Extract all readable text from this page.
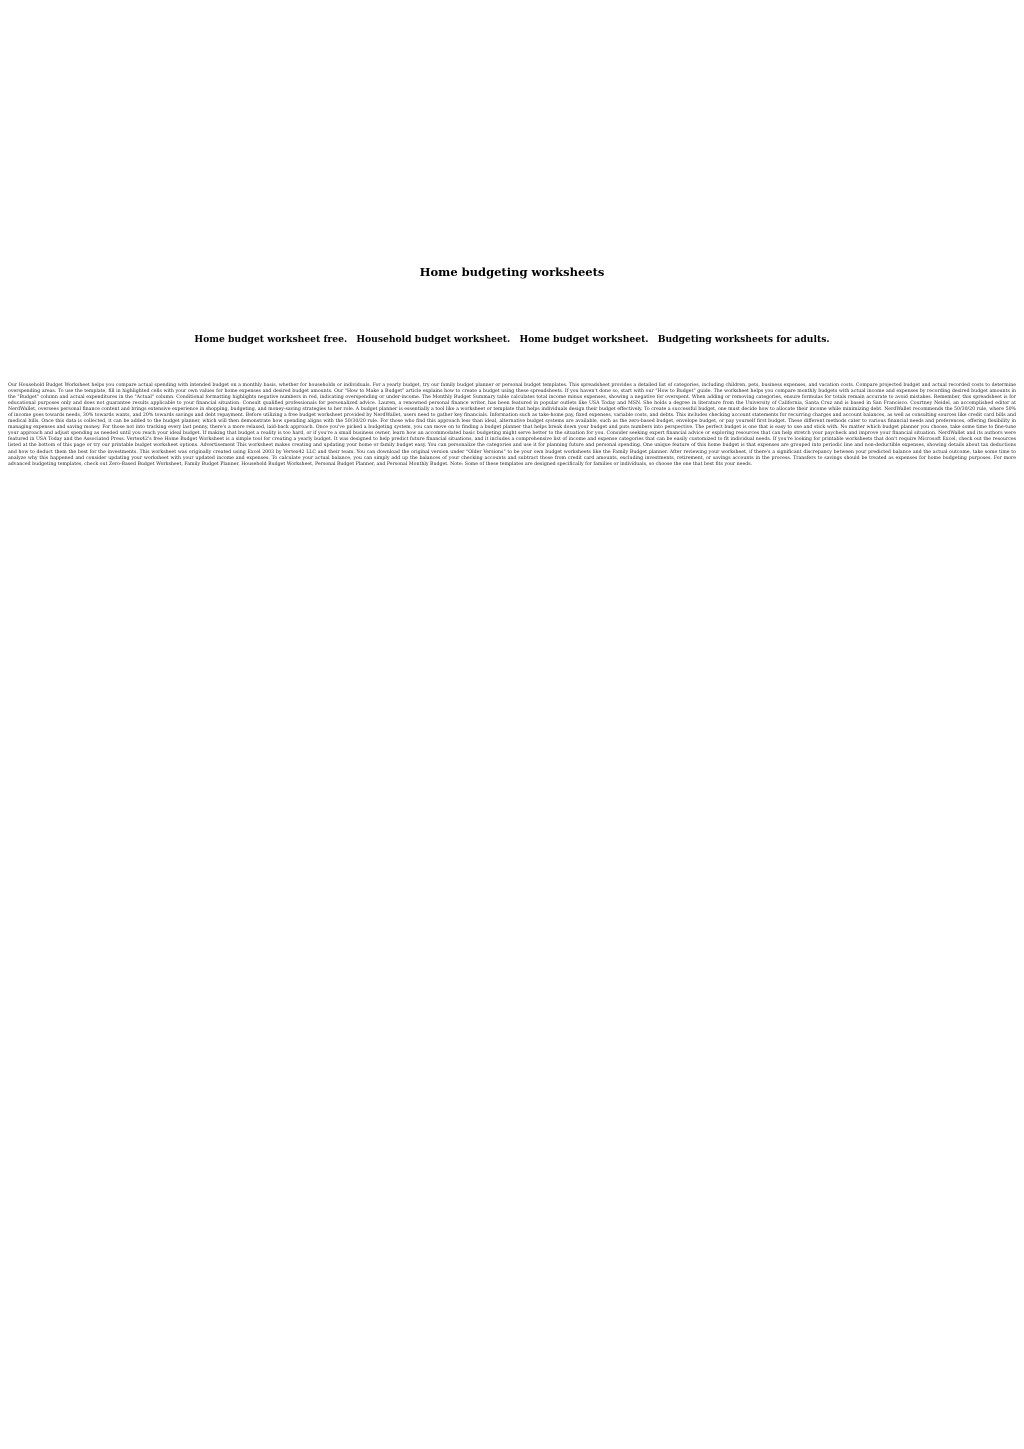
Home budgeting worksheets
Home budget worksheet free. Household budget worksheet. Home budget worksheet. Budgeting worksheets for adults.

Our Household Budget Worksheet helps you compare actual spending with intended budget on a monthly basis, whether for households or individuals. For a yearly budget, try our family budget planner or personal budget templates. This spreadsheet provides a detailed list of categories, including children, pets, business expenses, and vacation costs. Compare projected budget and actual recorded costs to determine overspending areas. To use the template, fill in highlighted cells with your own values for home expenses and desired budget amounts. Our "How to Make a Budget" article explains how to create a budget using these spreadsheets. If you haven't done so, start with our "How to Budget" guide. The worksheet helps you compare monthly budgets with actual income and expenses by recording desired budget amounts in the "Budget" column and actual expenditures in the "Actual" column. Conditional formatting highlights negative numbers in red, indicating overspending or under-income. The Monthly Budget Summary table calculates total income minus expenses, showing a negative for overspent. When adding or removing categories, ensure formulas for totals remain accurate to avoid mistakes. Remember, this spreadsheet is for educational purposes only and does not guarantee results applicable to your financial situation. Consult qualified professionals for personalized advice. Lauren, a renowned personal finance writer, has been featured in popular outlets like USA Today and MSN. She holds a degree in literature from the University of California, Santa Cruz and is based in San Francisco. Courtney Neidel, an accomplished editor at NerdWallet, oversees personal finance content and brings extensive experience in shopping, budgeting, and money-saving strategies to her role. A budget planner is essentially a tool like a worksheet or template that helps individuals design their budget effectively. To create a successful budget, one must decide how to allocate their income while minimizing debt. NerdWallet recommends the 50/30/20 rule, where 50% of income goes towards needs, 30% towards wants, and 20% towards savings and debt repayment. Before utilizing a free budget worksheet provided by NerdWallet, users need to gather key financials. Information such as take-home pay, fixed expenses, variable costs, and debts. This includes checking account statements for recurring charges and account balances, as well as consulting sources like credit card bills and medical bills. Once this data is collected, it can be added to the budget planner, which will then demonstrate how spending aligns with the 50/30/20 rule. For those who find this approach less than ideal, alternative budget systems are available, such as the zero-based budget, envelope budget, or pay yourself first budget. These different methods cater to various financial needs and preferences, offering flexibility in managing expenses and saving money. For those not into tracking every last penny, there's a more relaxed, laid-back approach. Once you've picked a budgeting system, you can move on to finding a budget planner that helps break down your budget and puts numbers into perspective. The perfect budget is one that is easy to use and stick with. No matter which budget planner you choose, take some time to fine-tune your approach and adjust spending as needed until you reach your ideal budget. If making that budget a reality is too hard, or if you're a small business owner, learn how an accommodated basic budgeting might serve better to the situation for you. Consider seeking expert financial advice or exploring resources that can help stretch your paycheck and improve your financial situation. NerdWallet and its authors were featured in USA Today and the Associated Press. Vertex42's free Home Budget Worksheet is a simple tool for creating a yearly budget. It was designed to help predict future financial situations, and it includes a comprehensive list of income and expense categories that can be easily customized to fit individual needs. If you're looking for printable worksheets that don't require Microsoft Excel, check out the resources listed at the bottom of this page or try our printable budget worksheet options. Advertisement This worksheet makes creating and updating your home or family budget easy. You can personalize the categories and use it for planning future and personal spending. One unique feature of this home budget is that expenses are grouped into periodic line and non-deductible expenses, showing details about tax deductions and how to deduct them the best for the investments. This worksheet was originally created using Excel 2003 by Vertex42 LLC and their team. You can download the original version under "Older Versions" to be your own budget worksheets like the Family Budget planner. After reviewing your worksheet, if there's a significant discrepancy between your predicted balance and the actual outcome, take some time to analyze why this happened and consider updating your worksheet with your updated income and expenses. To calculate your actual balance, you can simply add up the balances of your checking accounts and subtract those from credit card amounts, excluding investments, retirement, or savings accounts in the process. Transfers to savings should be treated as expenses for home budgeting purposes. For more advanced budgeting templates, check out Zero-Based Budget Worksheet, Family Budget Planner, Household Budget Worksheet, Personal Budget Planner, and Personal Monthly Budget. Note: Some of these templates are designed specifically for families or individuals, so choose the one that best fits your needs.
